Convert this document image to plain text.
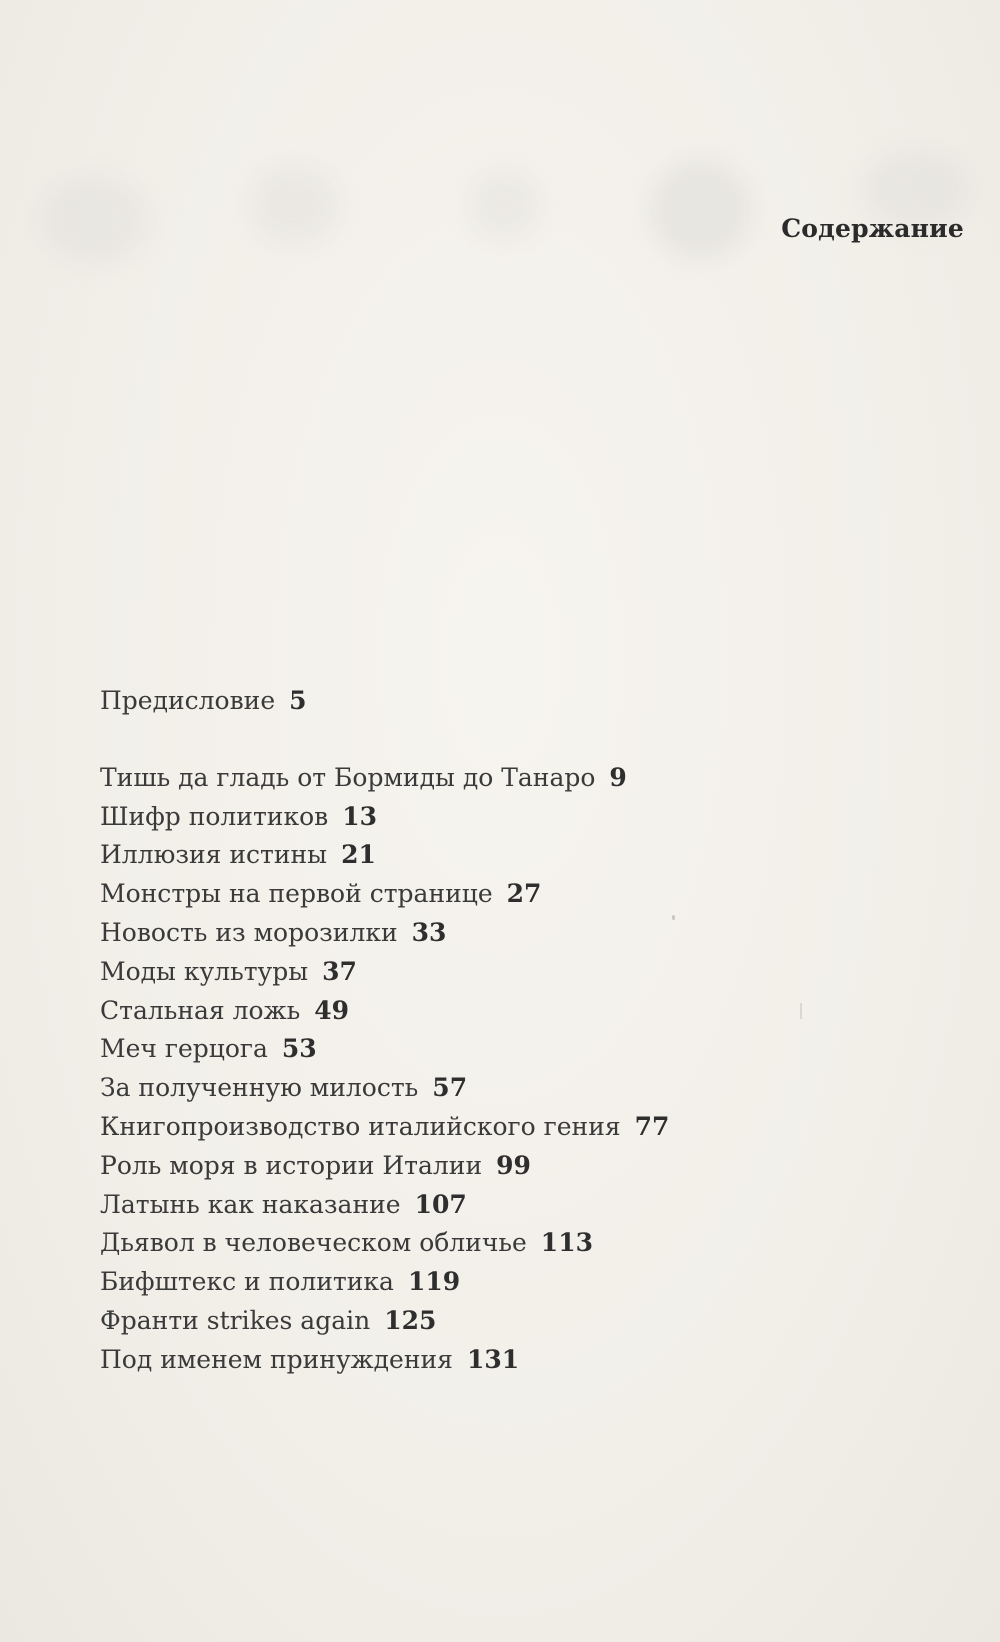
Содержание
Предисловие 5
Тишь да гладь от Бормиды до Танаро 9
Шифр политиков 13
Иллюзия истины 21
Монстры на первой странице 27
Новость из морозилки 33
Моды культуры 37
Стальная ложь 49
Меч герцога 53
За полученную милость 57
Книгопроизводство италийского гения 77
Роль моря в истории Италии 99
Латынь как наказание 107
Дьявол в человеческом обличье 113
Бифштекс и политика 119
Франти strikes again 125
Под именем принуждения 131
